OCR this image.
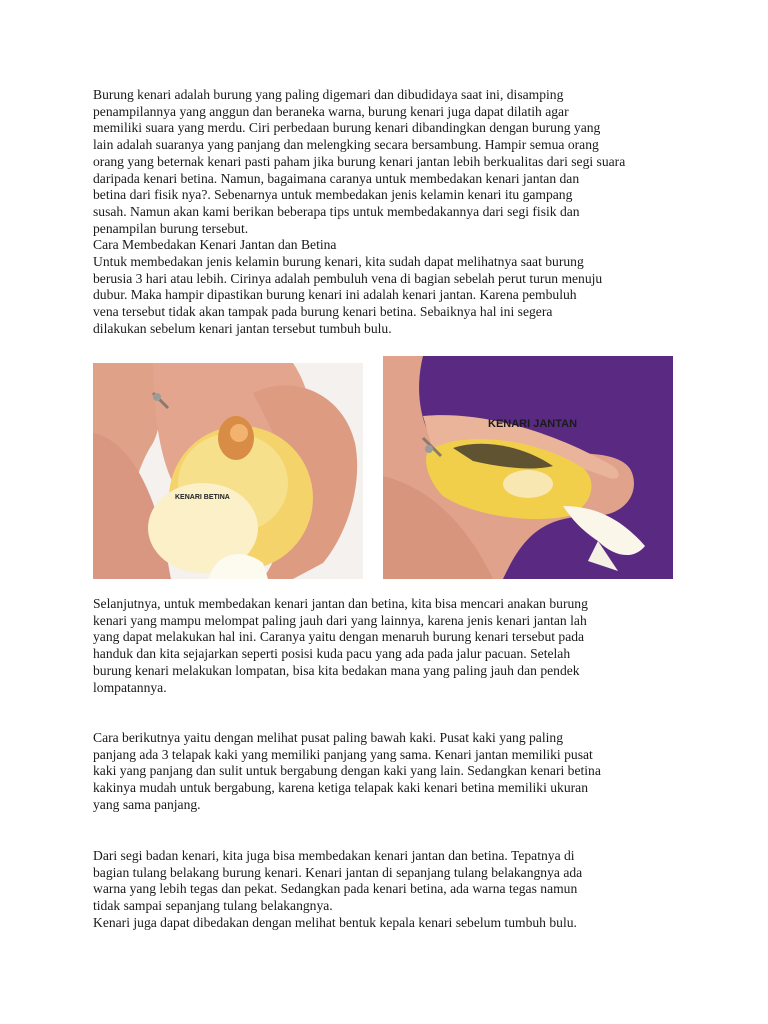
Burung kenari adalah burung yang paling digemari dan dibudidaya saat ini, disamping
penampilannya yang anggun dan beraneka warna, burung kenari juga dapat dilatih agar
memiliki suara yang merdu. Ciri perbedaan burung kenari dibandingkan dengan burung yang
lain adalah suaranya yang panjang dan melengking secara bersambung. Hampir semua orang
orang yang beternak kenari pasti paham jika burung kenari jantan lebih berkualitas dari segi suara
daripada kenari betina. Namun, bagaimana caranya untuk membedakan kenari jantan dan
betina dari fisik nya?. Sebenarnya untuk membedakan jenis kelamin kenari itu gampang
susah. Namun akan kami berikan beberapa tips untuk membedakannya dari segi fisik dan
penampilan burung tersebut.
Cara Membedakan Kenari Jantan dan Betina
Untuk membedakan jenis kelamin burung kenari, kita sudah dapat melihatnya saat burung
berusia 3 hari atau lebih. Cirinya adalah pembuluh vena di bagian sebelah perut turun menuju
dubur. Maka hampir dipastikan burung kenari ini adalah kenari jantan. Karena pembuluh
vena tersebut tidak akan tampak pada burung kenari betina. Sebaiknya hal ini segera
dilakukan sebelum kenari jantan tersebut tumbuh bulu.
KENARI BETINA
KENARI JANTAN
Selanjutnya, untuk membedakan kenari jantan dan betina, kita bisa mencari anakan burung
kenari yang mampu melompat paling jauh dari yang lainnya, karena jenis kenari jantan lah
yang dapat melakukan hal ini. Caranya yaitu dengan menaruh burung kenari tersebut pada
handuk dan kita sejajarkan seperti posisi kuda pacu yang ada pada jalur pacuan. Setelah
burung kenari melakukan lompatan, bisa kita bedakan mana yang paling jauh dan pendek
lompatannya.
Cara berikutnya yaitu dengan melihat pusat paling bawah kaki. Pusat kaki yang paling
panjang ada 3 telapak kaki yang memiliki panjang yang sama. Kenari jantan memiliki pusat
kaki yang panjang dan sulit untuk bergabung dengan kaki yang lain. Sedangkan kenari betina
kakinya mudah untuk bergabung, karena ketiga telapak kaki kenari betina memiliki ukuran
yang sama panjang.
Dari segi badan kenari, kita juga bisa membedakan kenari jantan dan betina. Tepatnya di
bagian tulang belakang burung kenari. Kenari jantan di sepanjang tulang belakangnya ada
warna yang lebih tegas dan pekat. Sedangkan pada kenari betina, ada warna tegas namun
tidak sampai sepanjang tulang belakangnya.
Kenari juga dapat dibedakan dengan melihat bentuk kepala kenari sebelum tumbuh bulu.
